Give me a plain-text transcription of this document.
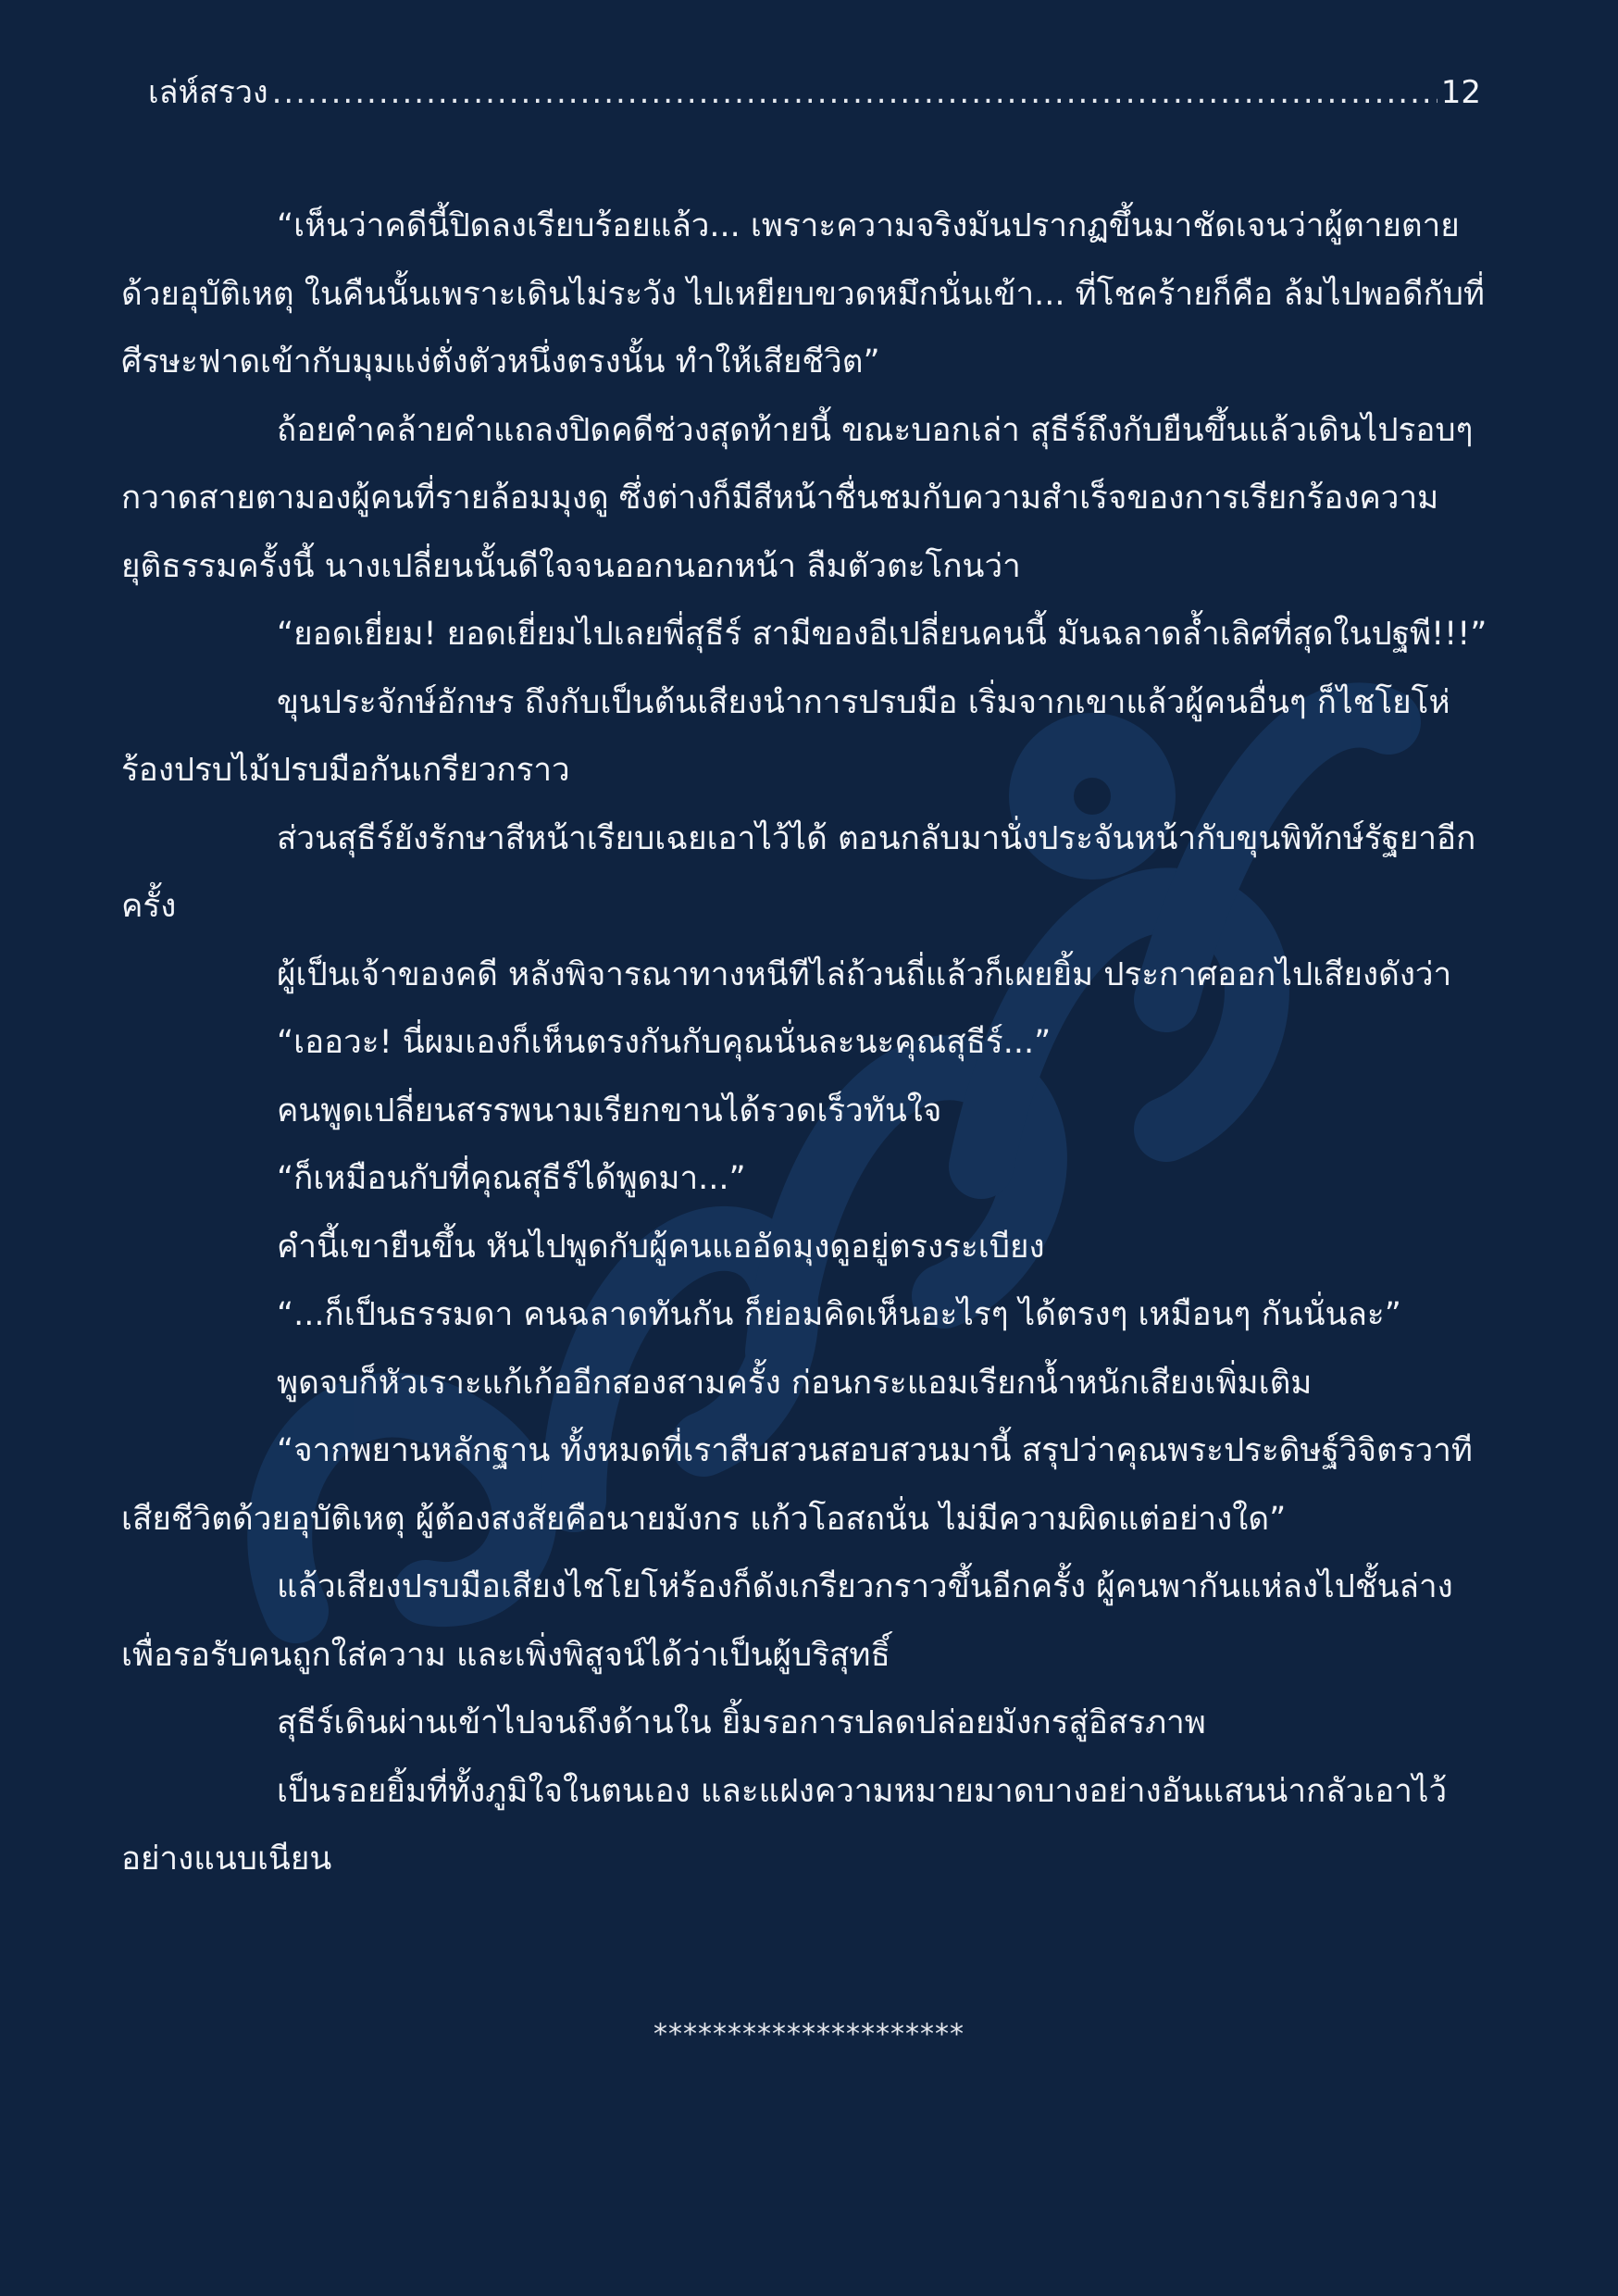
เล่ห์สรวง
.....	12

“เห็นว่าคดีนี้ปิดลงเรียบร้อยแล้ว... เพราะความจริงมันปรากฏขึ้นมาชัดเจนว่าผู้ตายตายด้วยอุบัติเหตุ ในคืนนั้นเพราะเดินไม่ระวัง ไปเหยียบขวดหมึกนั่นเข้า... ที่โชคร้ายก็คือ ล้มไปพอดีกับที่ศีรษะฟาดเข้ากับมุมแง่ตั่งตัวหนึ่งตรงนั้น ทำให้เสียชีวิต”

ถ้อยคำคล้ายคำแถลงปิดคดีช่วงสุดท้ายนี้ ขณะบอกเล่า สุธีร์ถึงกับยืนขึ้นแล้วเดินไปรอบๆ กวาดสายตามองผู้คนที่รายล้อมมุงดู ซึ่งต่างก็มีสีหน้าชื่นชมกับความสำเร็จของการเรียกร้องความยุติธรรมครั้งนี้ นางเปลี่ยนนั้นดีใจจนออกนอกหน้า ลืมตัวตะโกนว่า

“ยอดเยี่ยม! ยอดเยี่ยมไปเลยพี่สุธีร์ สามีของอีเปลี่ยนคนนี้ มันฉลาดล้ำเลิศที่สุดในปฐพี!!!”

ขุนประจักษ์อักษร ถึงกับเป็นต้นเสียงนำการปรบมือ เริ่มจากเขาแล้วผู้คนอื่นๆ ก็ไชโยโห่ร้องปรบไม้ปรบมือกันเกรียวกราว

ส่วนสุธีร์ยังรักษาสีหน้าเรียบเฉยเอาไว้ได้ ตอนกลับมานั่งประจันหน้ากับขุนพิทักษ์รัฐยาอีกครั้ง

ผู้เป็นเจ้าของคดี หลังพิจารณาทางหนีทีไล่ถ้วนถี่แล้วก็เผยยิ้ม ประกาศออกไปเสียงดังว่า

“เออวะ! นี่ผมเองก็เห็นตรงกันกับคุณนั่นละนะคุณสุธีร์...”

คนพูดเปลี่ยนสรรพนามเรียกขานได้รวดเร็วทันใจ

“ก็เหมือนกับที่คุณสุธีร์ได้พูดมา...”

คำนี้เขายืนขึ้น หันไปพูดกับผู้คนแออัดมุงดูอยู่ตรงระเบียง

“...ก็เป็นธรรมดา คนฉลาดทันกัน ก็ย่อมคิดเห็นอะไรๆ ได้ตรงๆ เหมือนๆ กันนั่นละ”

พูดจบก็หัวเราะแก้เก้ออีกสองสามครั้ง ก่อนกระแอมเรียกน้ำหนักเสียงเพิ่มเติม

“จากพยานหลักฐาน ทั้งหมดที่เราสืบสวนสอบสวนมานี้ สรุปว่าคุณพระประดิษฐ์วิจิตรวาที เสียชีวิตด้วยอุบัติเหตุ ผู้ต้องสงสัยคือนายมังกร แก้วโอสถนั่น ไม่มีความผิดแต่อย่างใด”

แล้วเสียงปรบมือเสียงไชโยโห่ร้องก็ดังเกรียวกราวขึ้นอีกครั้ง ผู้คนพากันแห่ลงไปชั้นล่าง เพื่อรอรับคนถูกใส่ความ และเพิ่งพิสูจน์ได้ว่าเป็นผู้บริสุทธิ์

สุธีร์เดินผ่านเข้าไปจนถึงด้านใน ยิ้มรอการปลดปล่อยมังกรสู่อิสรภาพ

เป็นรอยยิ้มที่ทั้งภูมิใจในตนเอง และแฝงความหมายมาดบางอย่างอันแสนน่ากลัวเอาไว้ อย่างแนบเนียน

*********************
